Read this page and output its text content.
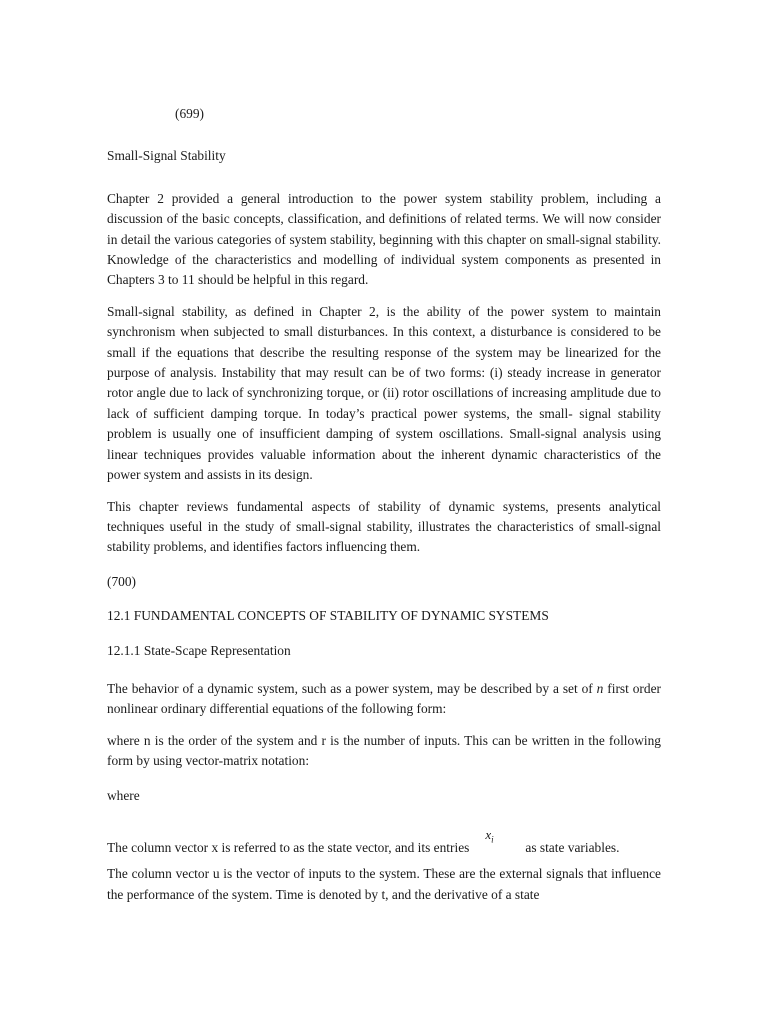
(699)
Small-Signal Stability

Chapter 2 provided a general introduction to the power system stability problem, including a discussion of the basic concepts, classification, and definitions of related terms. We will now consider in detail the various categories of system stability, beginning with this chapter on small-signal stability. Knowledge of the characteristics and modelling of individual system components as presented in Chapters 3 to 11 should be helpful in this regard.

Small-signal stability, as defined in Chapter 2, is the ability of the power system to maintain synchronism when subjected to small disturbances. In this context, a disturbance is considered to be small if the equations that describe the resulting response of the system may be linearized for the purpose of analysis. Instability that may result can be of two forms: (i) steady increase in generator rotor angle due to lack of synchronizing torque, or (ii) rotor oscillations of increasing amplitude due to lack of sufficient damping torque. In today’s practical power systems, the small- signal stability problem is usually one of insufficient damping of system oscillations. Small-signal analysis using linear techniques provides valuable information about the inherent dynamic characteristics of the power system and assists in its design.

This chapter reviews fundamental aspects of stability of dynamic systems, presents analytical techniques useful in the study of small-signal stability, illustrates the characteristics of small-signal stability problems, and identifies factors influencing them.

(700)
12.1 FUNDAMENTAL CONCEPTS OF STABILITY OF DYNAMIC SYSTEMS
12.1.1 State-Scape Representation

The behavior of a dynamic system, such as a power system, may be described by a set of n first order nonlinear ordinary differential equations of the following form:

where n is the order of the system and r is the number of inputs. This can be written in the following form by using vector-matrix notation:

where
The column vector x is referred to as the state vector, and its entries
$x_i$
as state variables.

The column vector u is the vector of inputs to the system. These are the external signals that influence the performance of the system. Time is denoted by t, and the derivative of a state
